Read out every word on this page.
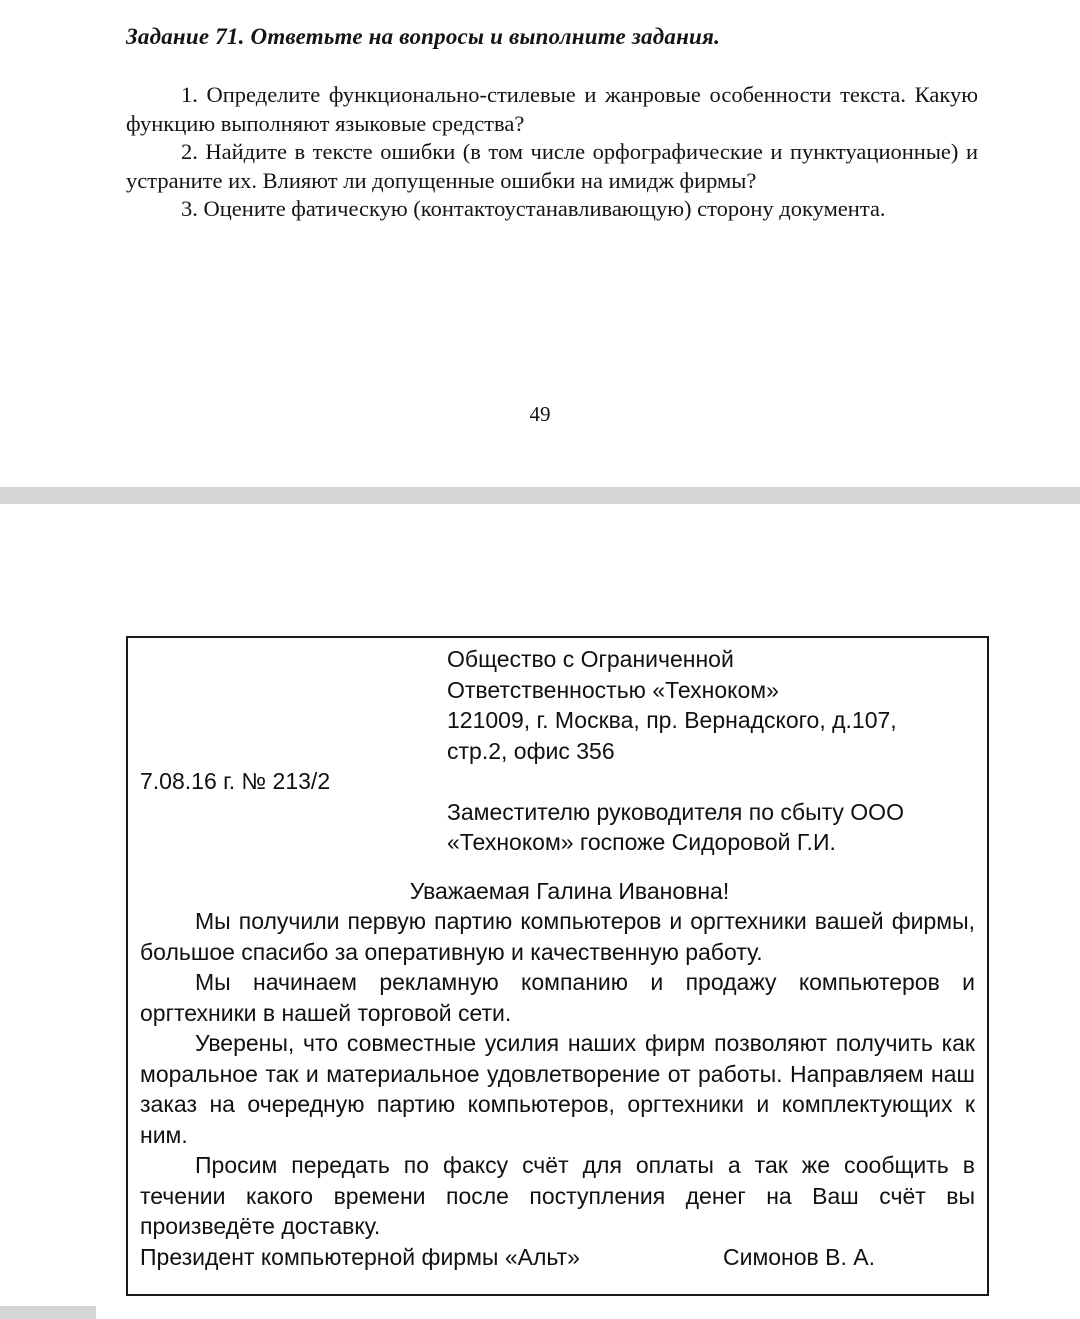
Задание 71. Ответьте на вопросы и выполните задания.

1. Определите функционально-стилевые и жанровые особенности текста. Какую функцию выполняют языковые средства?

2. Найдите в тексте ошибки (в том числе орфографические и пунктуационные) и устраните их. Влияют ли допущенные ошибки на имидж фирмы?

3. Оцените фатическую (контактоустанавливающую) сторону документа.

49
Общество с Ограниченной
Ответственностью «Техноком»
121009, г. Москва, пр. Вернадского, д.107,
стр.2, офис 356
7.08.16 г. № 213/2
Заместителю руководителя по сбыту ООО
«Техноком» госпоже Сидоровой Г.И.
Уважаемая Галина Ивановна!

Мы получили первую партию компьютеров и оргтехники вашей фирмы, большое спасибо за оперативную и качественную работу.

Мы начинаем рекламную компанию и продажу компьютеров и оргтехники в нашей торговой сети.

Уверены, что совместные усилия наших фирм позволяют получить как моральное так и материальное удовлетворение от работы. Направляем наш заказ на очередную партию компьютеров, оргтехники и комплектующих к ним.

Просим передать по факсу счёт для оплаты а так же сообщить в течении какого времени после поступления денег на Ваш счёт вы произведёте доставку.

Президент компьютерной фирмы «Альт»	Симонов В. А.
